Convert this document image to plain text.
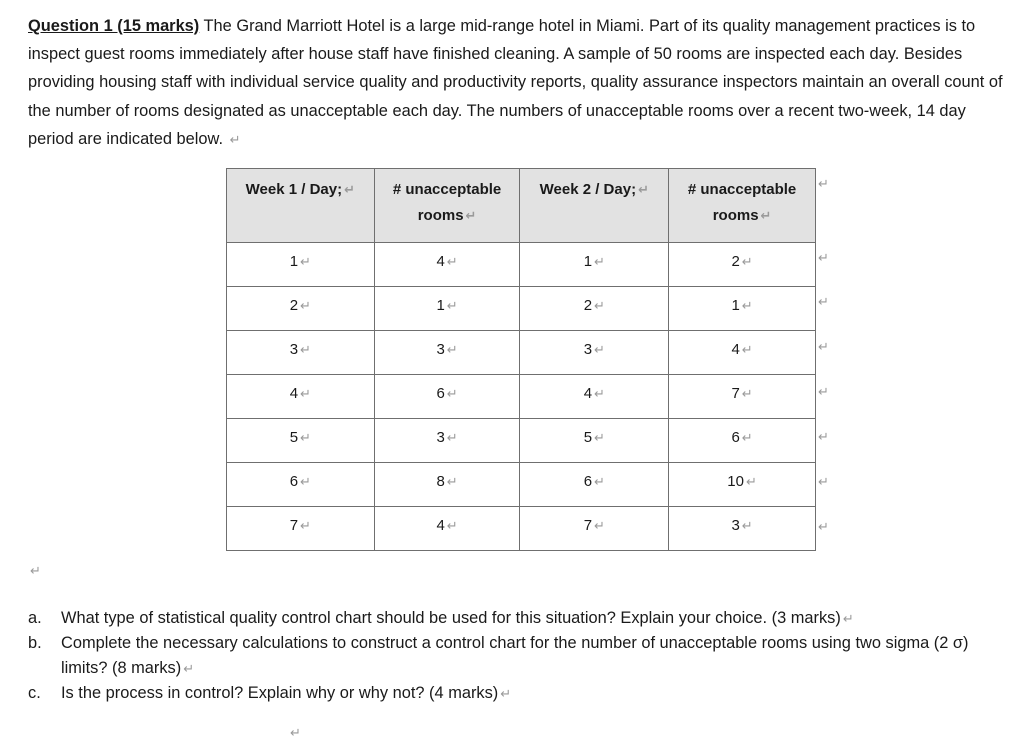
Question 1 (15 marks) The Grand Marriott Hotel is a large mid-range hotel in Miami. Part of its quality management practices is to inspect guest rooms immediately after house staff have finished cleaning. A sample of 50 rooms are inspected each day. Besides providing housing staff with individual service quality and productivity reports, quality assurance inspectors maintain an overall count of the number of rooms designated as unacceptable each day. The numbers of unacceptable rooms over a recent two-week, 14 day period are indicated below. ↵

Week 1 / Day; ↵	# unacceptable rooms ↵	Week 2 / Day; ↵	# unacceptable rooms ↵
1 ↵	4 ↵	1 ↵	2 ↵
2 ↵	1 ↵	2 ↵	1 ↵
3 ↵	3 ↵	3 ↵	4 ↵
4 ↵	6 ↵	4 ↵	7 ↵
5 ↵	3 ↵	5 ↵	6 ↵
6 ↵	8 ↵	6 ↵	10 ↵
7 ↵	4 ↵	7 ↵	3 ↵
↵
↵
↵
↵
↵
↵
↵
↵
↵
a.	What type of statistical quality control chart should be used for this situation? Explain your choice. (3 marks) ↵
b.	Complete the necessary calculations to construct a control chart for the number of unacceptable rooms using two sigma (2 σ) limits? (8 marks) ↵
c.	Is the process in control? Explain why or why not? (4 marks) ↵
↵
